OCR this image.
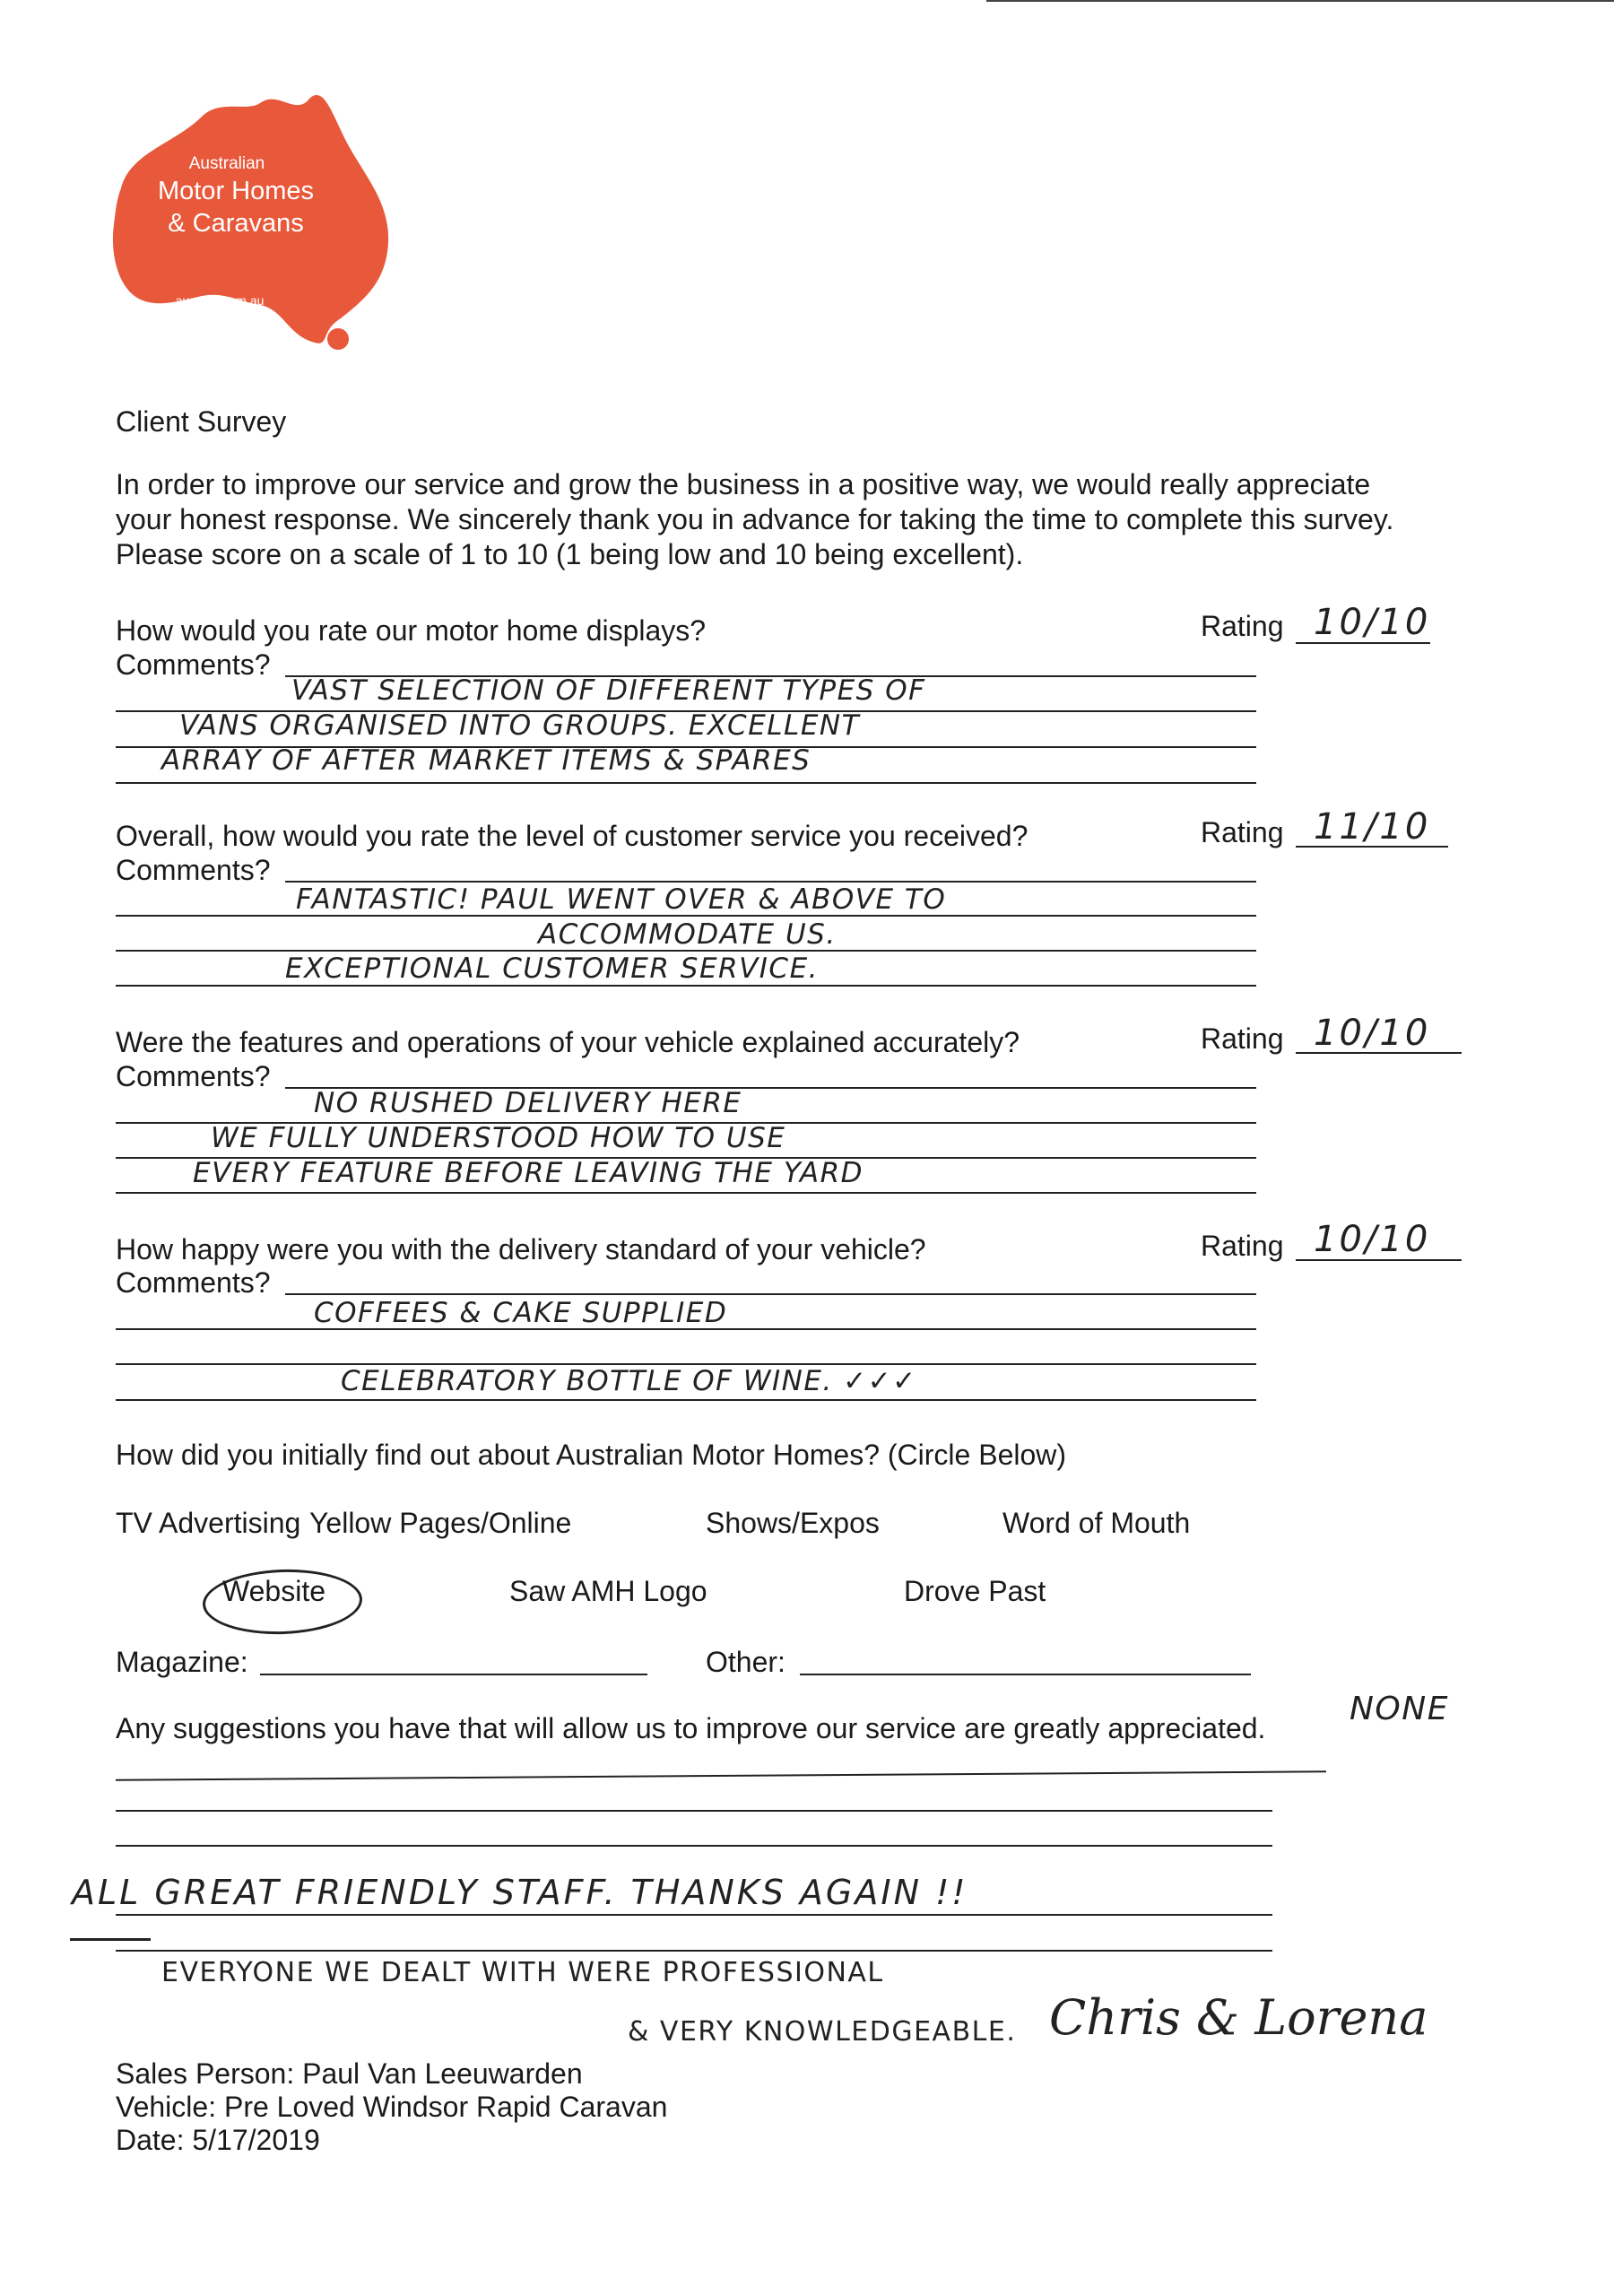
Australian
Motor Homes
& Caravans
ausmhc.com.au
Client Survey
In order to improve our service and grow the business in a positive way, we would really appreciate
your honest response. We sincerely thank you in advance for taking the time to complete this survey.
Please score on a scale of 1 to 10 (1 being low and 10 being excellent).
How would you rate our motor home displays?	Rating 10/10
Comments?
VAST SELECTION OF DIFFERENT TYPES OF
VANS ORGANISED INTO GROUPS. EXCELLENT
ARRAY OF AFTER MARKET ITEMS & SPARES
Overall, how would you rate the level of customer service you received?	Rating 11/10
Comments?
FANTASTIC! PAUL WENT OVER & ABOVE TO
ACCOMMODATE US.
EXCEPTIONAL CUSTOMER SERVICE.
Were the features and operations of your vehicle explained accurately?	Rating 10/10
Comments?
NO RUSHED DELIVERY HERE
WE FULLY UNDERSTOOD HOW TO USE
EVERY FEATURE BEFORE LEAVING THE YARD
How happy were you with the delivery standard of your vehicle?	Rating 10/10
Comments?
COFFEES & CAKE SUPPLIED
CELEBRATORY BOTTLE OF WINE. ✓✓✓
How did you initially find out about Australian Motor Homes? (Circle Below)
TV Advertising Yellow Pages/Online	Shows/Expos	Word of Mouth
Website	Saw AMH Logo	Drove Past
Magazine:	Other:
Any suggestions you have that will allow us to improve our service are greatly appreciated.
NONE
ALL GREAT FRIENDLY STAFF. THANKS AGAIN !!
EVERYONE WE DEALT WITH WERE PROFESSIONAL
& VERY KNOWLEDGEABLE. Chris & Lorena
Sales Person: Paul Van Leeuwarden
Vehicle: Pre Loved Windsor Rapid Caravan
Date: 5/17/2019
